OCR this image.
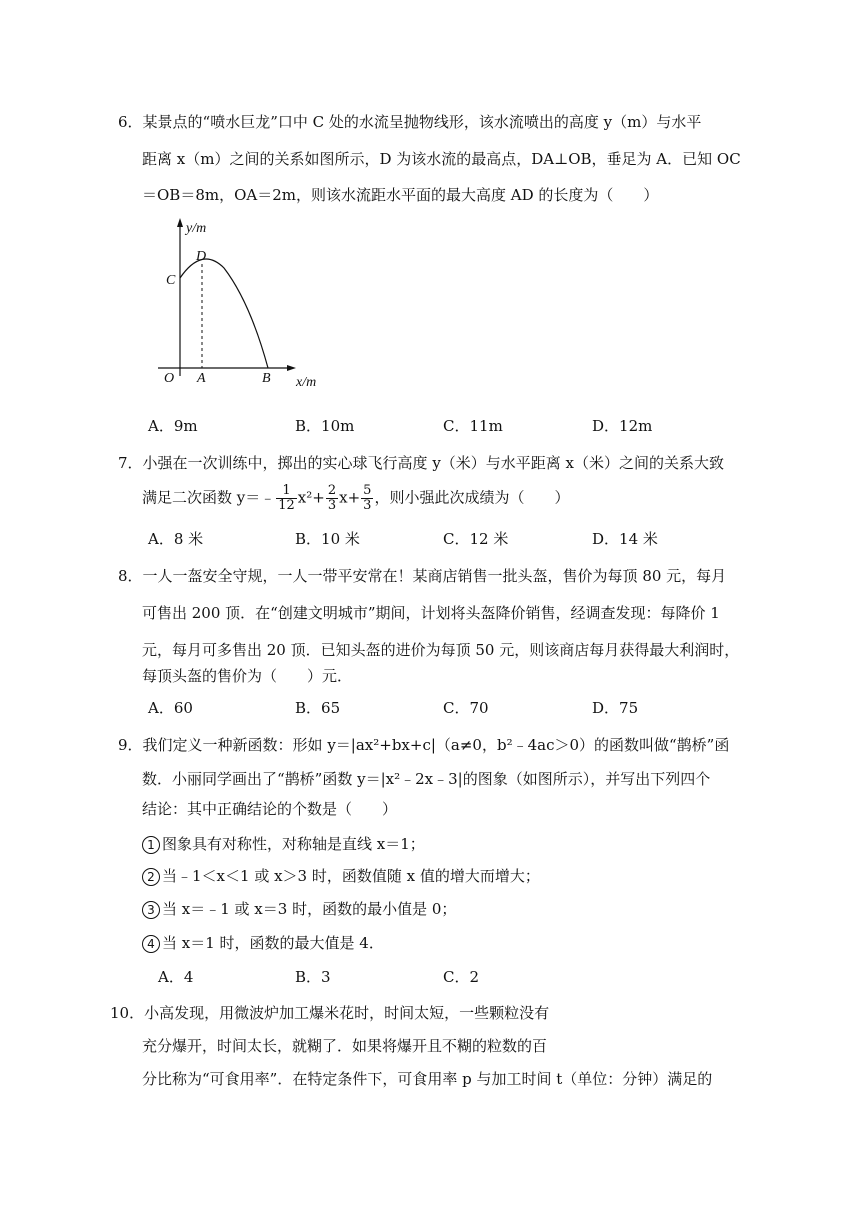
6．某景点的“喷水巨龙”口中 C 处的水流呈抛物线形，该水流喷出的高度 y（m）与水平
距离 x（m）之间的关系如图所示，D 为该水流的最高点，DA⊥OB，垂足为 A．已知 OC
＝OB＝8m，OA＝2m，则该水流距水平面的最大高度 AD 的长度为（　　）
y/m
x/m
C
D
O A	B
A．9m	B．10m	C．11m	D．12m
7．小强在一次训练中，掷出的实心球飞行高度 y（米）与水平距离 x（米）之间的关系大致
满足二次函数 y＝﹣ $\frac{1}{12} x^2+ \frac{2}{3} x+ \frac{5}{3}$ ，则小强此次成绩为（　　）
A．8 米	B．10 米	C．12 米	D．14 米
8．一人一盔安全守规，一人一带平安常在！某商店销售一批头盔，售价为每顶 80 元，每月
可售出 200 顶．在“创建文明城市”期间，计划将头盔降价销售，经调查发现：每降价 1
元，每月可多售出 20 顶．已知头盔的进价为每顶 50 元，则该商店每月获得最大利润时，
每顶头盔的售价为（　　）元．
A．60	B．65	C．70	D．75
9．我们定义一种新函数：形如 y＝|ax²+bx+c|（a≠0，b²﹣4ac＞0）的函数叫做“鹊桥”函
数．小丽同学画出了“鹊桥”函数 y＝|x²﹣2x﹣3|的图象（如图所示），并写出下列四个
结论：其中正确结论的个数是（　　）
1 图象具有对称性，对称轴是直线 x＝1；
2 当﹣1＜x＜1 或 x＞3 时，函数值随 x 值的增大而增大；
3 当 x＝﹣1 或 x＝3 时，函数的最小值是 0；
4 当 x＝1 时，函数的最大值是 4．
A．4	B．3	C．2
10．小高发现，用微波炉加工爆米花时，时间太短，一些颗粒没有
充分爆开，时间太长，就糊了．如果将爆开且不糊的粒数的百
分比称为“可食用率”．在特定条件下，可食用率 p 与加工时间 t（单位：分钟）满足的
